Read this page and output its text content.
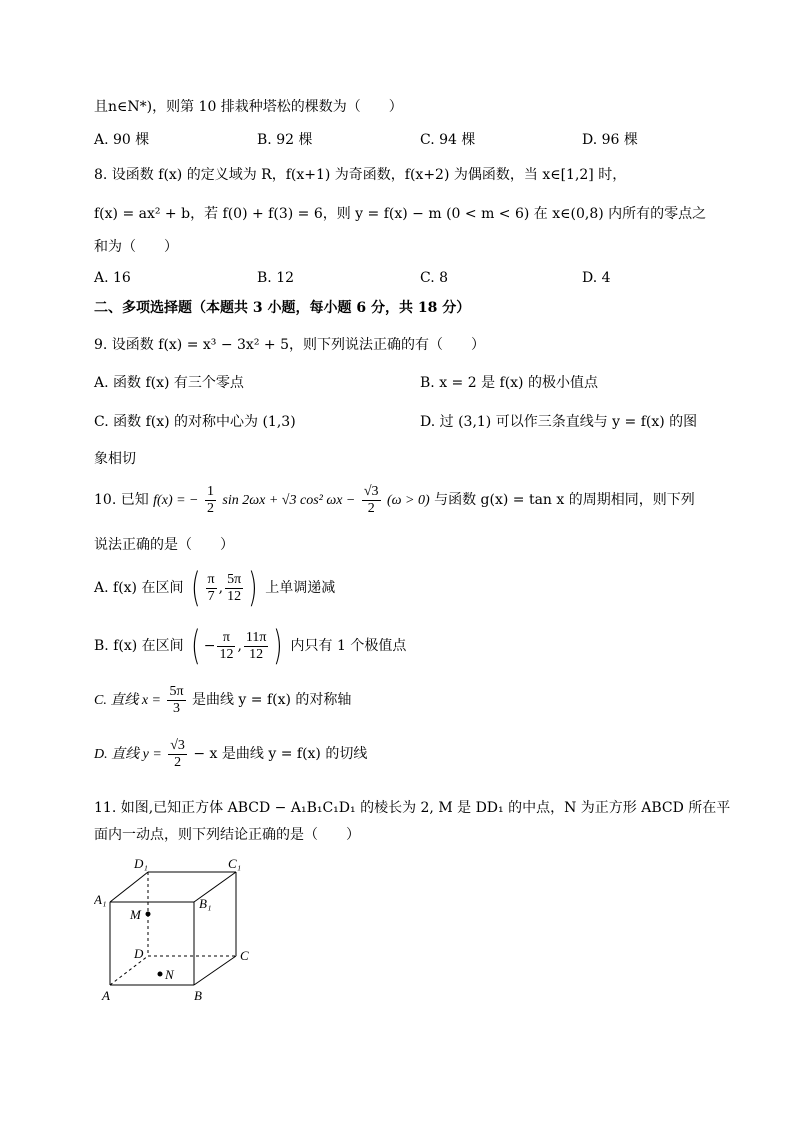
且n∈N*)，则第 10 排栽种塔松的棵数为（　　）
A. 90 棵	B. 92 棵	C. 94 棵	D. 96 棵
8. 设函数 f(x) 的定义域为 R，f(x+1) 为奇函数，f(x+2) 为偶函数，当 x∈[1,2] 时，
f(x) = ax² + b，若 f(0) + f(3) = 6，则 y = f(x) − m (0 < m < 6) 在 x∈(0,8) 内所有的零点之
和为（　　）
A. 16	B. 12	C. 8	D. 4
二、多项选择题（本题共 3 小题，每小题 6 分，共 18 分）
9. 设函数 f(x) = x³ − 3x² + 5，则下列说法正确的有（　　）
A. 函数 f(x) 有三个零点	B. x = 2 是 f(x) 的极小值点
C. 函数 f(x) 的对称中心为 (1,3)	D. 过 (3,1) 可以作三条直线与 y = f(x) 的图
象相切
10. 已知 f(x) = − $\frac{1}{2}$ sin 2ωx + √3 cos² $\omega x - \frac{√3}{2} (\omega > 0)$ 与函数 g(x) = tan x 的周期相同，则下列
说法正确的是（　　）
A. f(x) 在区间 ( $\frac{\pi}{7}$ , $\frac{5\pi}{12}$ ) 上单调递减
B. f(x) 在区间 ( − $\frac{\pi}{12}$ , $\frac{11\pi}{12}$ ) 内只有 1 个极值点
C. 直线 $x = \frac{5\pi}{3}$ 是曲线 y = f(x) 的对称轴
D. 直线 $y = \frac{√3}{2} - x$ 是曲线 y = f(x) 的切线
11. 如图,已知正方体 ABCD − A₁B₁C₁D₁ 的棱长为 2, M 是 DD₁ 的中点，N 为正方形 ABCD 所在平
面内一动点，则下列结论正确的是（　　）
D₁	C₁
A₁	B₁
M
D	C
N
A	B
